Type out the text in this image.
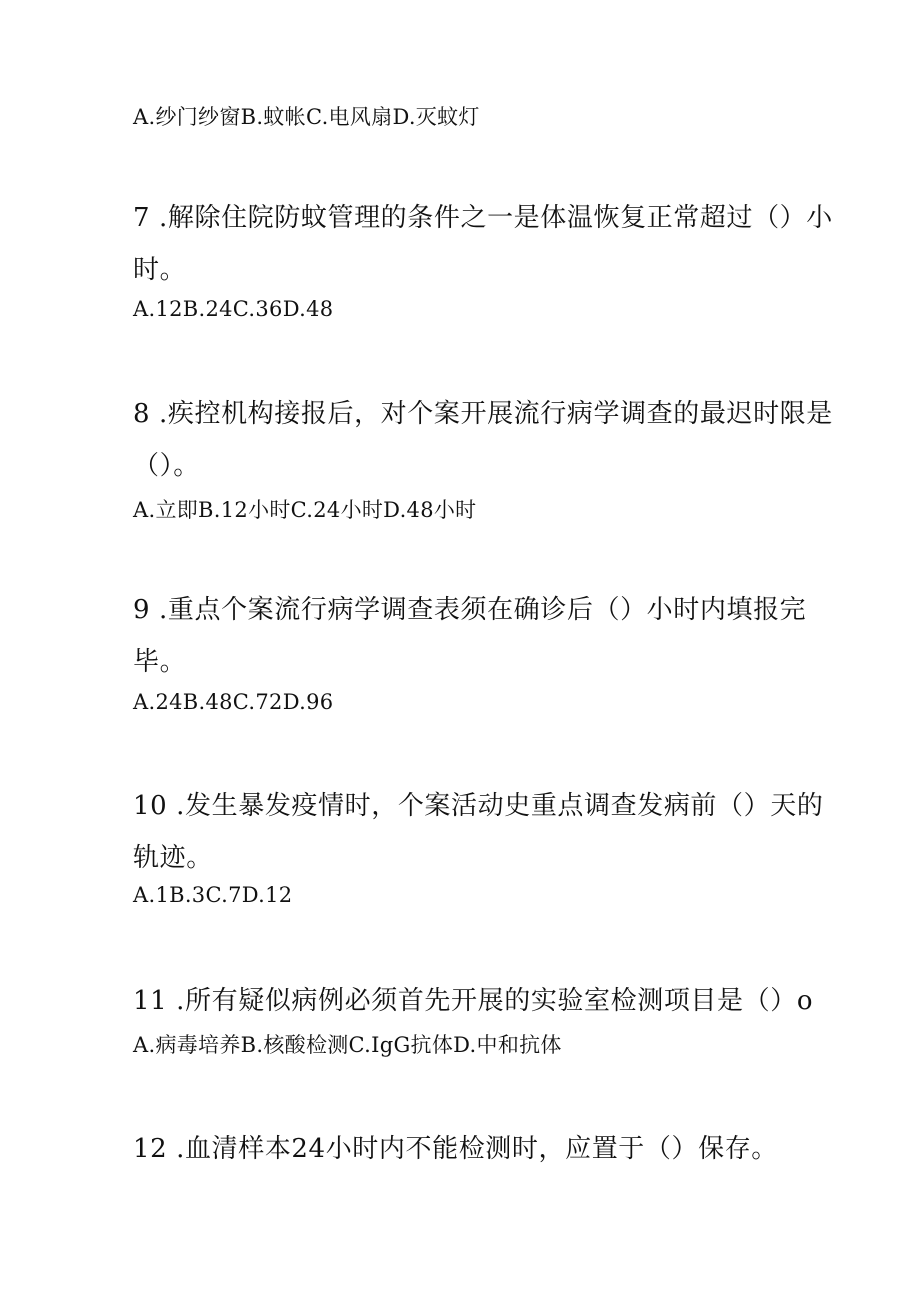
A.纱门纱窗B.蚊帐C.电风扇D.灭蚊灯
7 .解除住院防蚊管理的条件之一是体温恢复正常超过（）小
时。
A.12B.24C.36D.48
8 .疾控机构接报后，对个案开展流行病学调查的最迟时限是
（）。
A.立即B.12小时C.24小时D.48小时
9 .重点个案流行病学调查表须在确诊后（）小时内填报完
毕。
A.24B.48C.72D.96
10 .发生暴发疫情时，个案活动史重点调查发病前（）天的
轨迹。
A.1B.3C.7D.12
11 .所有疑似病例必须首先开展的实验室检测项目是（）o
A.病毒培养B.核酸检测C.IgG抗体D.中和抗体
12 .血清样本24小时内不能检测时，应置于（）保存。
